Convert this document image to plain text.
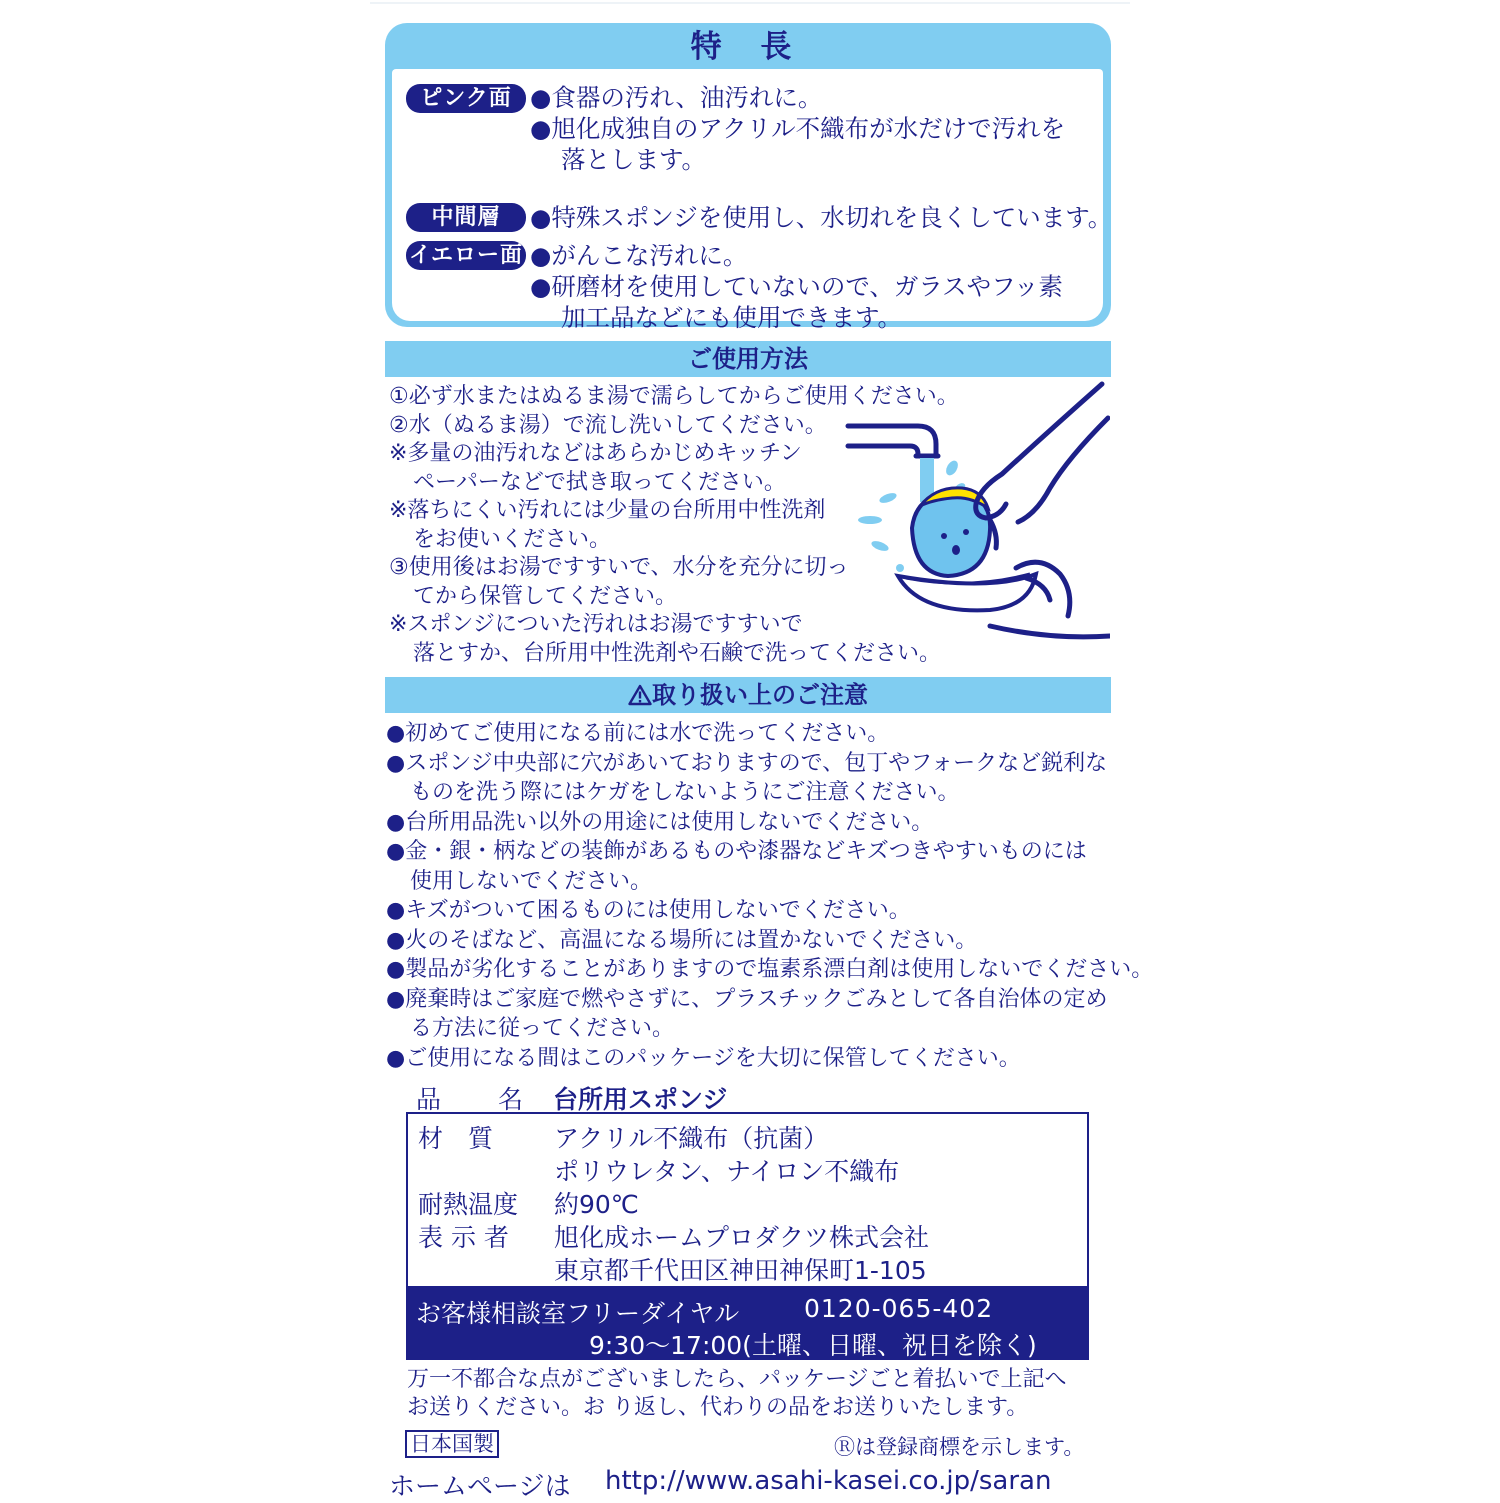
特 長
ピンク面 ●食器の汚れ、油汚れに。
●旭化成独自のアクリル不織布が水だけで汚れを
落とします。
中間層	●特殊スポンジを使用し、水切れを良くしています。
イエロー面 ●がんこな汚れに。
●研磨材を使用していないので、ガラスやフッ素
加工品などにも使用できます。
ご使用方法
①必ず水またはぬるま湯で濡らしてからご使用ください。
②水（ぬるま湯）で流し洗いしてください。
※多量の油汚れなどはあらかじめキッチン
ペーパーなどで拭き取ってください。
※落ちにくい汚れには少量の台所用中性洗剤
をお使いください。
③使用後はお湯ですすいで、水分を充分に切っ
てから保管してください。
※スポンジについた汚れはお湯ですすいで
落とすか、台所用中性洗剤や石鹸で洗ってください。
取り扱い上のご注意
●初めてご使用になる前には水で洗ってください。
●スポンジ中央部に穴があいておりますので、包丁やフォークなど鋭利な
ものを洗う際にはケガをしないようにご注意ください。
●台所用品洗い以外の用途には使用しないでください。
●金・銀・柄などの装飾があるものや漆器などキズつきやすいものには
使用しないでください。
●キズがついて困るものには使用しないでください。
●火のそばなど、高温になる場所には置かないでください。
●製品が劣化することがありますので塩素系漂白剤は使用しないでください。
●廃棄時はご家庭で燃やさずに、プラスチックごみとして各自治体の定め
る方法に従ってください。
●ご使用になる間はこのパッケージを大切に保管してください。
品 名 台所用スポンジ
材　質 アクリル不織布（抗菌）
ポリウレタン、ナイロン不織布
耐熱温度 約90℃
表 示 者 旭化成ホームプロダクツ株式会社
東京都千代田区神田神保町1-105
お客様相談室フリーダイヤル	0120-065-402
9:30～17:00(土曜、日曜、祝日を除く)
万一不都合な点がございましたら、パッケージごと着払いで上記へ
お送りください。お り返し、代わりの品をお送りいたします。
日本国製	Ⓡは登録商標を示します。
ホームページは http://www.asahi-kasei.co.jp/saran
